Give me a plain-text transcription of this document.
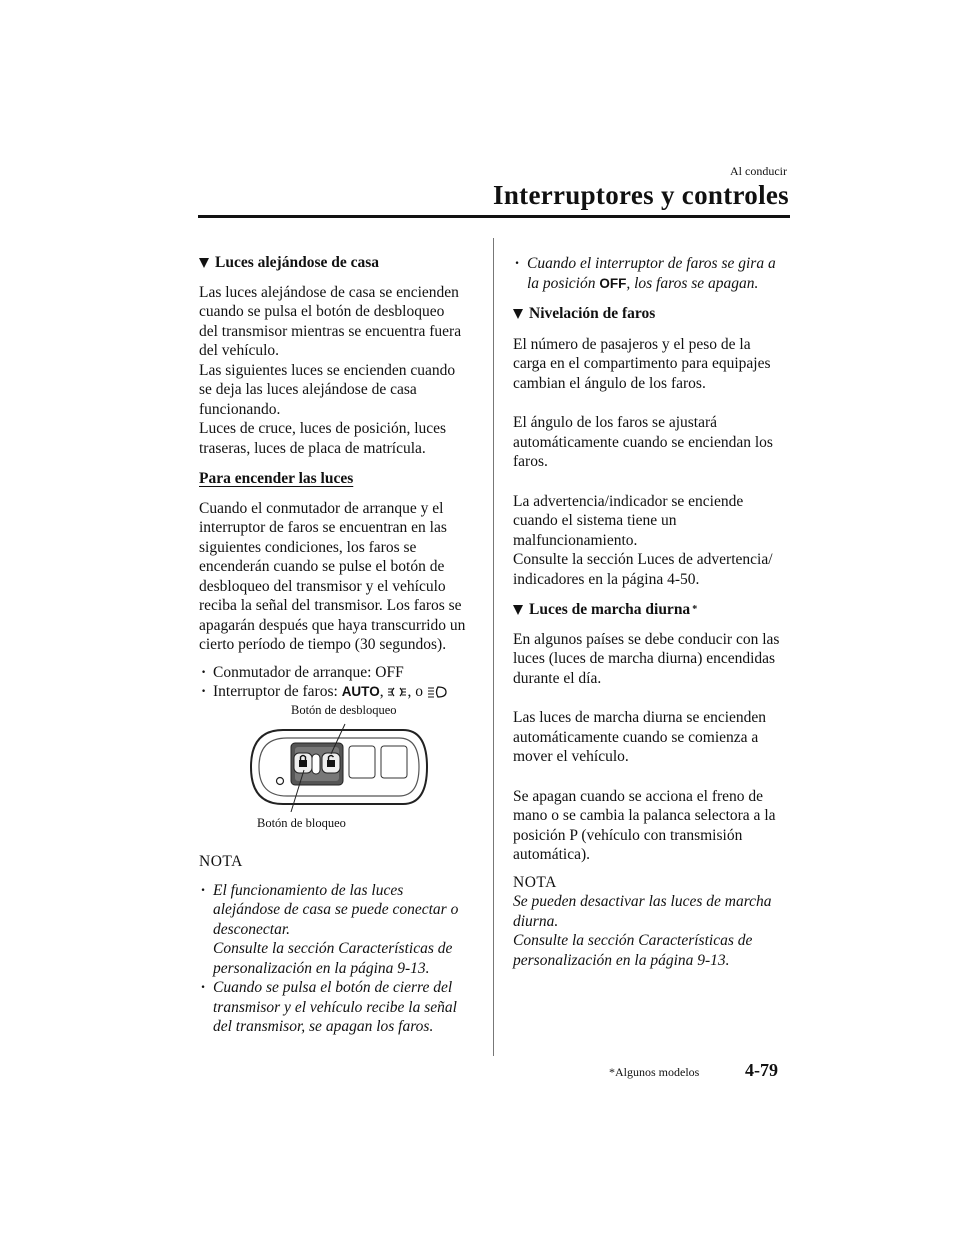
Al conducir
Interruptores y controles
Luces alejándose de casa

Las luces alejándose de casa se encienden
cuando se pulsa el botón de desbloqueo
del transmisor mientras se encuentra fuera
del vehículo.
Las siguientes luces se encienden cuando
se deja las luces alejándose de casa
funcionando.
Luces de cruce, luces de posición, luces
traseras, luces de placa de matrícula.

Para encender las luces

Cuando el conmutador de arranque y el
interruptor de faros se encuentran en las
siguientes condiciones, los faros se
encenderán cuando se pulse el botón de
desbloqueo del transmisor y el vehículo
reciba la señal del transmisor. Los faros se
apagarán después que haya transcurrido un
cierto período de tiempo (30 segundos).

· Conmutador de arranque: OFF
· Interruptor de faros: AUTO, , o
Botón de desbloqueo
Botón de bloqueo

NOTA

· El funcionamiento de las luces
alejándose de casa se puede conectar o
desconectar.
Consulte la sección Características de
personalización en la página 9-13.
· Cuando se pulsa el botón de cierre del
transmisor y el vehículo recibe la señal
del transmisor, se apagan los faros.
· Cuando el interruptor de faros se gira a
la posición OFF, los faros se apagan.
Nivelación de faros

El número de pasajeros y el peso de la
carga en el compartimento para equipajes
cambian el ángulo de los faros.

El ángulo de los faros se ajustará
automáticamente cuando se enciendan los
faros.

La advertencia/indicador se enciende
cuando el sistema tiene un
malfuncionamiento.
Consulte la sección Luces de advertencia/
indicadores en la página 4-50.

Luces de marcha diurna *

En algunos países se debe conducir con las
luces (luces de marcha diurna) encendidas
durante el día.

Las luces de marcha diurna se encienden
automáticamente cuando se comienza a
mover el vehículo.

Se apagan cuando se acciona el freno de
mano o se cambia la palanca selectora a la
posición P (vehículo con transmisión
automática).

NOTA

Se pueden desactivar las luces de marcha
diurna.
Consulte la sección Características de
personalización en la página 9-13.

*Algunos modelos	4-79
